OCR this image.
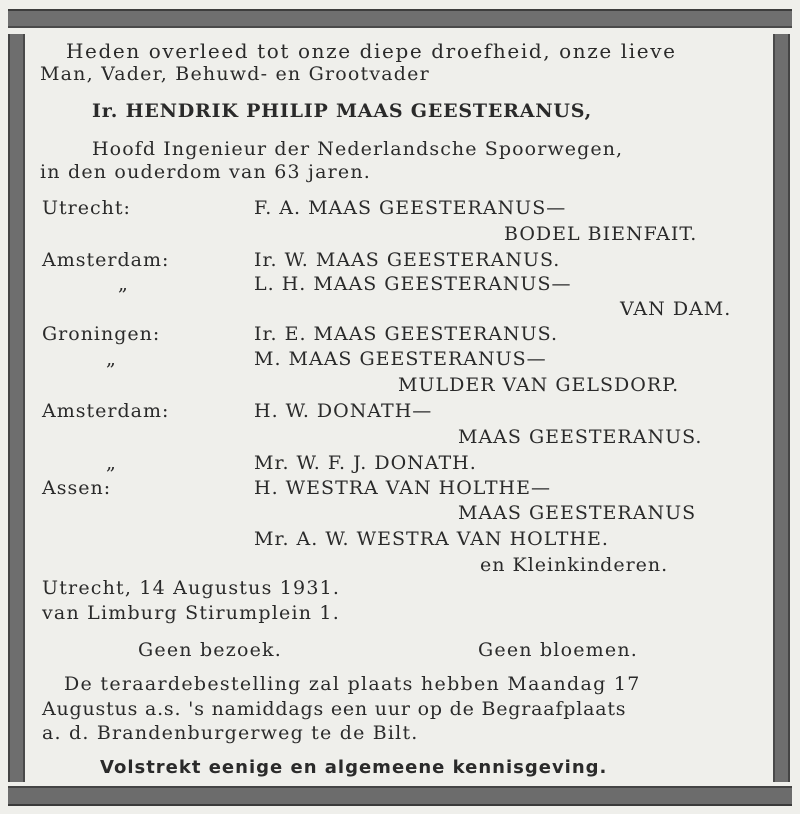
Heden overleed tot onze diepe droefheid, onze lieve
Man, Vader, Behuwd- en Grootvader
Ir. HENDRIK PHILIP MAAS GEESTERANUS,
Hoofd Ingenieur der Nederlandsche Spoorwegen,
in den ouderdom van 63 jaren.
Utrecht:	F. A. MAAS GEESTERANUS—
BODEL BIENFAIT.
Amsterdam:	Ir. W. MAAS GEESTERANUS.
„	L. H. MAAS GEESTERANUS—
VAN DAM.
Groningen:	Ir. E. MAAS GEESTERANUS.
„	M. MAAS GEESTERANUS—
MULDER VAN GELSDORP.
Amsterdam:	H. W. DONATH—
MAAS GEESTERANUS.
„	Mr. W. F. J. DONATH.
Assen:	H. WESTRA VAN HOLTHE—
MAAS GEESTERANUS
Mr. A. W. WESTRA VAN HOLTHE.
en Kleinkinderen.
Utrecht, 14 Augustus 1931.
van Limburg Stirumplein 1.
Geen bezoek.	Geen bloemen.
De teraardebestelling zal plaats hebben Maandag 17
Augustus a.s. 's namiddags een uur op de Begraafplaats
a. d. Brandenburgerweg te de Bilt.
Volstrekt eenige en algemeene kennisgeving.
